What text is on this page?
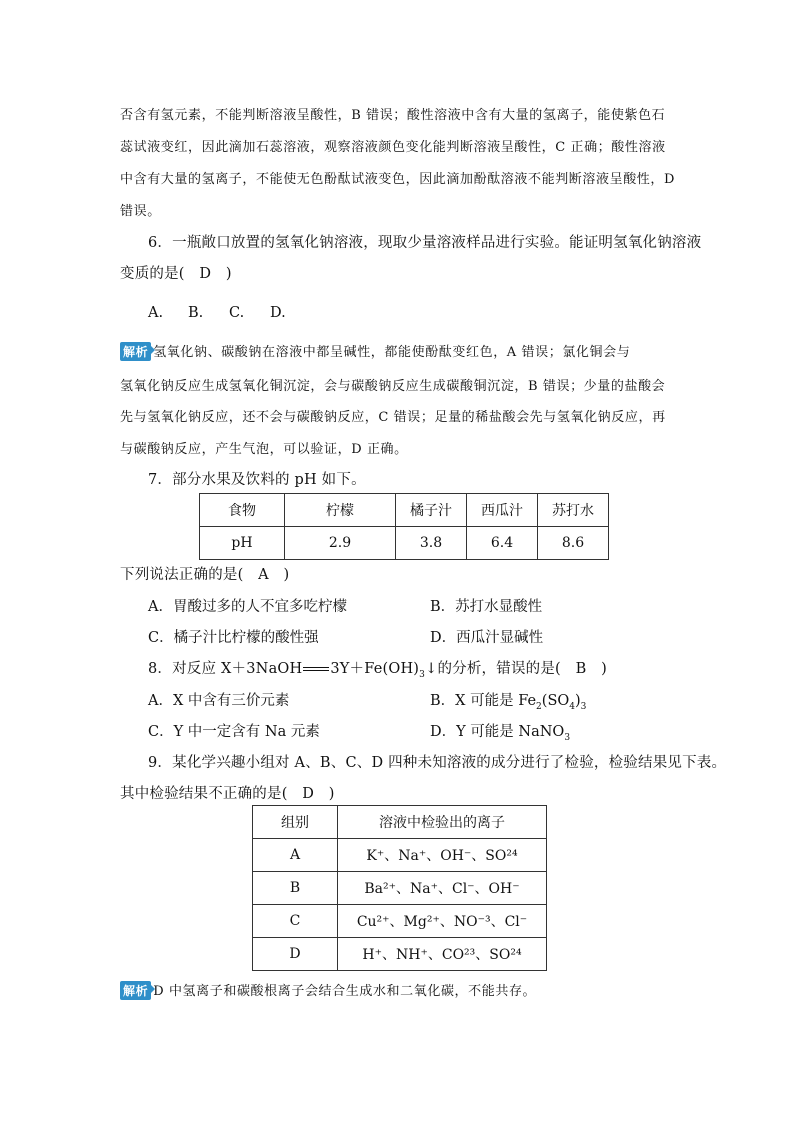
否含有氢元素，不能判断溶液呈酸性，B 错误；酸性溶液中含有大量的氢离子，能使紫色石
蕊试液变红，因此滴加石蕊溶液，观察溶液颜色变化能判断溶液呈酸性，C 正确；酸性溶液
中含有大量的氢离子，不能使无色酚酞试液变色，因此滴加酚酞溶液不能判断溶液呈酸性，D
错误。
6．一瓶敞口放置的氢氧化钠溶液，现取少量溶液样品进行实验。能证明氢氧化钠溶液
变质的是(　D　)
A. B. C. D.
解析 氢氧化钠、碳酸钠在溶液中都呈碱性，都能使酚酞变红色，A 错误；氯化铜会与
氢氧化钠反应生成氢氧化铜沉淀，会与碳酸钠反应生成碳酸铜沉淀，B 错误；少量的盐酸会
先与氢氧化钠反应，还不会与碳酸钠反应，C 错误；足量的稀盐酸会先与氢氧化钠反应，再
与碳酸钠反应，产生气泡，可以验证，D 正确。
7．部分水果及饮料的 pH 如下。
食物	柠檬	橘子汁	西瓜汁	苏打水
pH	2.9	3.8	6.4	8.6
下列说法正确的是(　A　)
A．胃酸过多的人不宜多吃柠檬	B．苏打水显酸性
C．橘子汁比柠檬的酸性强	D．西瓜汁显碱性
8．对反应 X＋3NaOH $3Y+Fe(OH)_3↓$的分析，错误的是(　B　)
A．X 中含有三价元素	B．X 可能是 $Fe_2(SO_4)_3$
C．Y 中一定含有 Na 元素	D．Y 可能是 NaNO$_3$
9．某化学兴趣小组对 A、B、C、D 四种未知溶液的成分进行了检验，检验结果见下表。
其中检验结果不正确的是(　D　)
组别	溶液中检验出的离子
A	K⁺、Na⁺、OH⁻、SO²⁴
B	Ba²⁺、Na⁺、Cl⁻、OH⁻
C	Cu²⁺、Mg²⁺、NO⁻³、Cl⁻
D	H⁺、NH⁺、CO²³、SO²⁴
解析 D 中氢离子和碳酸根离子会结合生成水和二氧化碳，不能共存。
